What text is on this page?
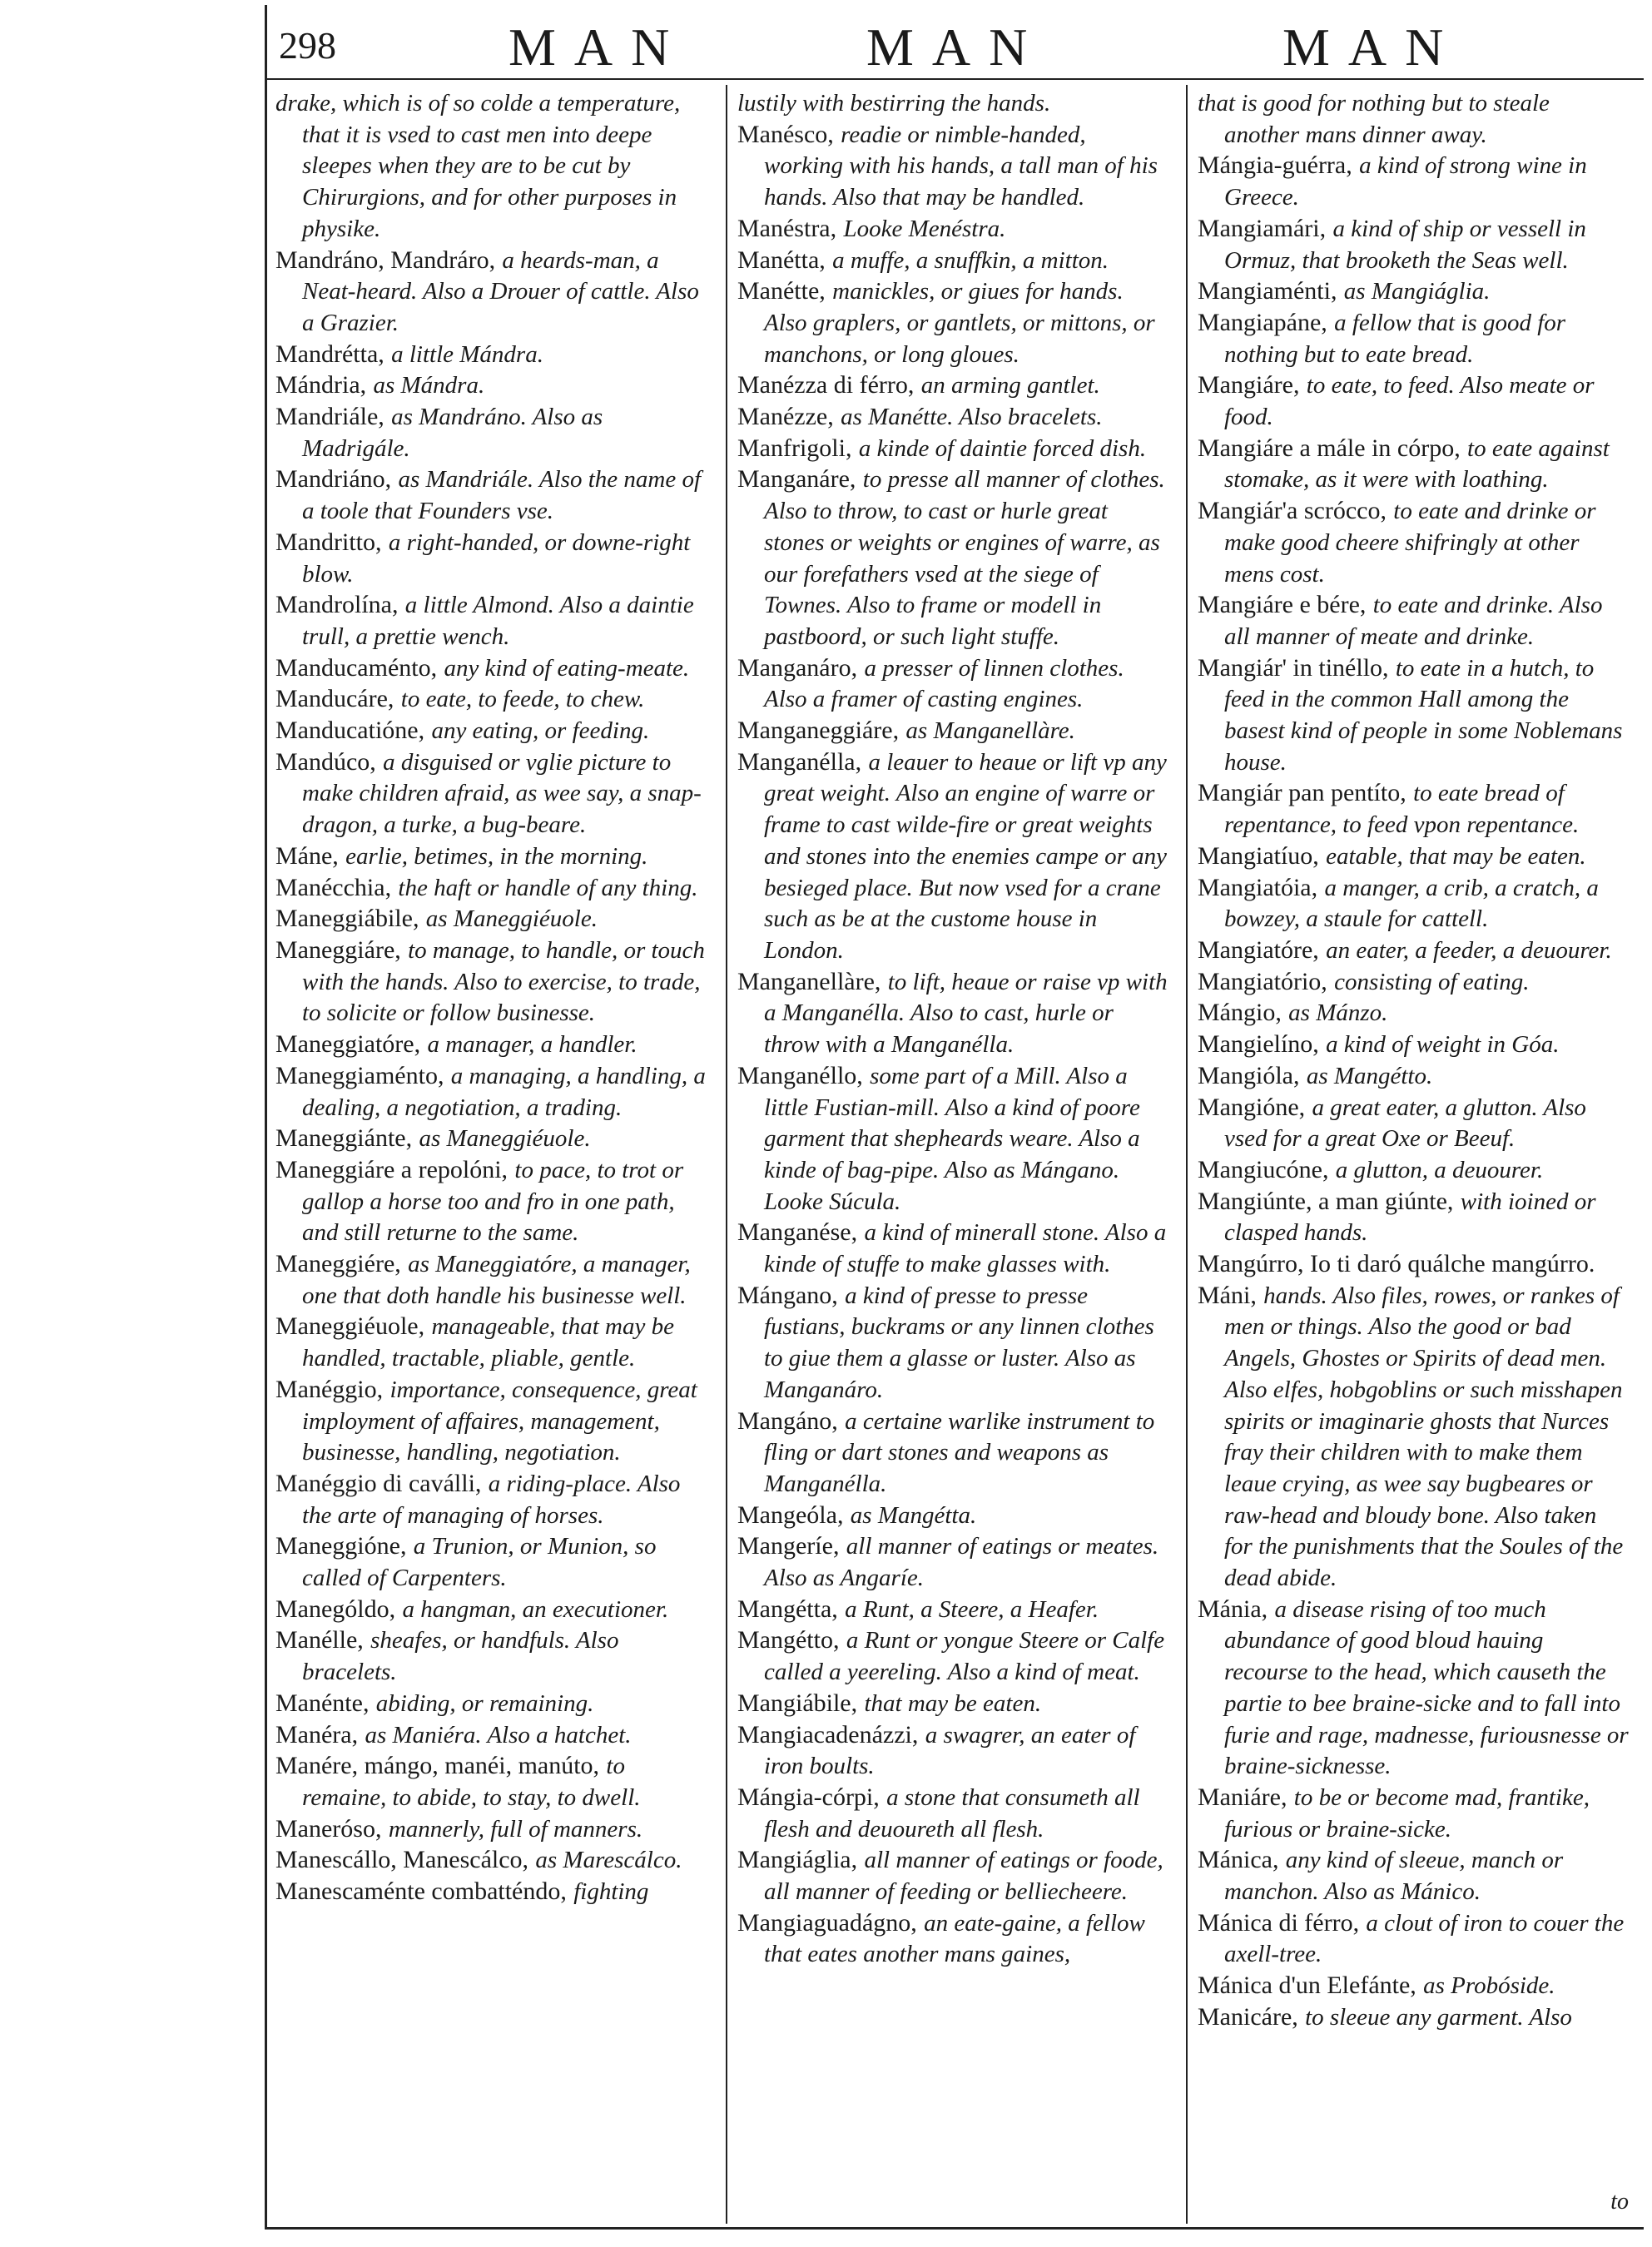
298	MAN	MAN	MAN

drake, which is of so colde a temperature, that it is vsed to cast men into deepe sleepes when they are to be cut by Chirurgions, and for other purposes in physike.

Mandráno, Mandráro, a heards-man, a Neat-heard. Also a Drouer of cattle. Also a Grazier.

Mandrétta, a little Mándra.

Mándria, as Mándra.

Mandriále, as Mandráno. Also as Madrigále.

Mandriáno, as Mandriále. Also the name of a toole that Founders vse.

Mandritto, a right-handed, or downe-right blow.

Mandrolína, a little Almond. Also a daintie trull, a prettie wench.

Manducaménto, any kind of eating-meate.

Manducáre, to eate, to feede, to chew.

Manducatióne, any eating, or feeding.

Mandúco, a disguised or vglie picture to make children afraid, as wee say, a snap-dragon, a turke, a bug-beare.

Máne, earlie, betimes, in the morning.

Manécchia, the haft or handle of any thing.

Maneggiábile, as Maneggiéuole.

Maneggiáre, to manage, to handle, or touch with the hands. Also to exercise, to trade, to solicite or follow businesse.

Maneggiatóre, a manager, a handler.

Maneggiaménto, a managing, a handling, a dealing, a negotiation, a trading.

Maneggiánte, as Maneggiéuole.

Maneggiáre a repolóni, to pace, to trot or gallop a horse too and fro in one path, and still returne to the same.

Maneggiére, as Maneggiatóre, a manager, one that doth handle his businesse well.

Maneggiéuole, manageable, that may be handled, tractable, pliable, gentle.

Manéggio, importance, consequence, great imployment of affaires, management, businesse, handling, negotiation.

Manéggio di caválli, a riding-place. Also the arte of managing of horses.

Maneggióne, a Trunion, or Munion, so called of Carpenters.

Manególdo, a hangman, an executioner.

Manélle, sheafes, or handfuls. Also bracelets.

Manénte, abiding, or remaining.

Manéra, as Maniéra. Also a hatchet.

Manére, mángo, manéi, manúto, to remaine, to abide, to stay, to dwell.

Maneróso, mannerly, full of manners.

Manescállo, Manescálco, as Marescálco.

Manescaménte combatténdo, fighting

lustily with bestirring the hands.

Manésco, readie or nimble-handed, working with his hands, a tall man of his hands. Also that may be handled.

Manéstra, Looke Menéstra.

Manétta, a muffe, a snuffkin, a mitton.

Manétte, manickles, or giues for hands. Also graplers, or gantlets, or mittons, or manchons, or long gloues.

Manézza di férro, an arming gantlet.

Manézze, as Manétte. Also bracelets.

Manfrigoli, a kinde of daintie forced dish.

Manganáre, to presse all manner of clothes. Also to throw, to cast or hurle great stones or weights or engines of warre, as our forefathers vsed at the siege of Townes. Also to frame or modell in pastboord, or such light stuffe.

Manganáro, a presser of linnen clothes. Also a framer of casting engines.

Manganeggiáre, as Manganellàre.

Manganélla, a leauer to heaue or lift vp any great weight. Also an engine of warre or frame to cast wilde-fire or great weights and stones into the enemies campe or any besieged place. But now vsed for a crane such as be at the custome house in London.

Manganellàre, to lift, heaue or raise vp with a Manganélla. Also to cast, hurle or throw with a Manganélla.

Manganéllo, some part of a Mill. Also a little Fustian-mill. Also a kind of poore garment that shepheards weare. Also a kinde of bag-pipe. Also as Mángano. Looke Súcula.

Manganése, a kind of minerall stone. Also a kinde of stuffe to make glasses with.

Mángano, a kind of presse to presse fustians, buckrams or any linnen clothes to giue them a glasse or luster. Also as Manganáro.

Mangáno, a certaine warlike instrument to fling or dart stones and weapons as Manganélla.

Mangeóla, as Mangétta.

Mangeríe, all manner of eatings or meates. Also as Angaríe.

Mangétta, a Runt, a Steere, a Heafer.

Mangétto, a Runt or yongue Steere or Calfe called a yeereling. Also a kind of meat.

Mangiábile, that may be eaten.

Mangiacadenázzi, a swagrer, an eater of iron boults.

Mángia-córpi, a stone that consumeth all flesh and deuoureth all flesh.

Mangiáglia, all manner of eatings or foode, all manner of feeding or belliecheere.

Mangiaguadágno, an eate-gaine, a fellow that eates another mans gaines,

that is good for nothing but to steale another mans dinner away.

Mángia-guérra, a kind of strong wine in Greece.

Mangiamári, a kind of ship or vessell in Ormuz, that brooketh the Seas well.

Mangiaménti, as Mangiáglia.

Mangiapáne, a fellow that is good for nothing but to eate bread.

Mangiáre, to eate, to feed. Also meate or food.

Mangiáre a mále in córpo, to eate against stomake, as it were with loathing.

Mangiár'a scrócco, to eate and drinke or make good cheere shifringly at other mens cost.

Mangiáre e bére, to eate and drinke. Also all manner of meate and drinke.

Mangiár' in tinéllo, to eate in a hutch, to feed in the common Hall among the basest kind of people in some Noblemans house.

Mangiár pan pentíto, to eate bread of repentance, to feed vpon repentance.

Mangiatíuo, eatable, that may be eaten.

Mangiatóia, a manger, a crib, a cratch, a bowzey, a staule for cattell.

Mangiatóre, an eater, a feeder, a deuourer.

Mangiatório, consisting of eating.

Mángio, as Mánzo.

Mangielíno, a kind of weight in Góa.

Mangióla, as Mangétto.

Mangióne, a great eater, a glutton. Also vsed for a great Oxe or Beeuf.

Mangiucóne, a glutton, a deuourer.

Mangiúnte, a man giúnte, with ioined or clasped hands.

Mangúrro, Io ti daró quálche mangúrro.

Máni, hands. Also files, rowes, or rankes of men or things. Also the good or bad Angels, Ghostes or Spirits of dead men. Also elfes, hobgoblins or such misshapen spirits or imaginarie ghosts that Nurces fray their children with to make them leaue crying, as wee say bugbeares or raw-head and bloudy bone. Also taken for the punishments that the Soules of the dead abide.

Mánia, a disease rising of too much abundance of good bloud hauing recourse to the head, which causeth the partie to bee braine-sicke and to fall into furie and rage, madnesse, furiousnesse or braine-sicknesse.

Maniáre, to be or become mad, frantike, furious or braine-sicke.

Mánica, any kind of sleeue, manch or manchon. Also as Mánico.

Mánica di férro, a clout of iron to couer the axell-tree.

Mánica d'un Elefánte, as Probóside.

Manicáre, to sleeue any garment. Also

to
